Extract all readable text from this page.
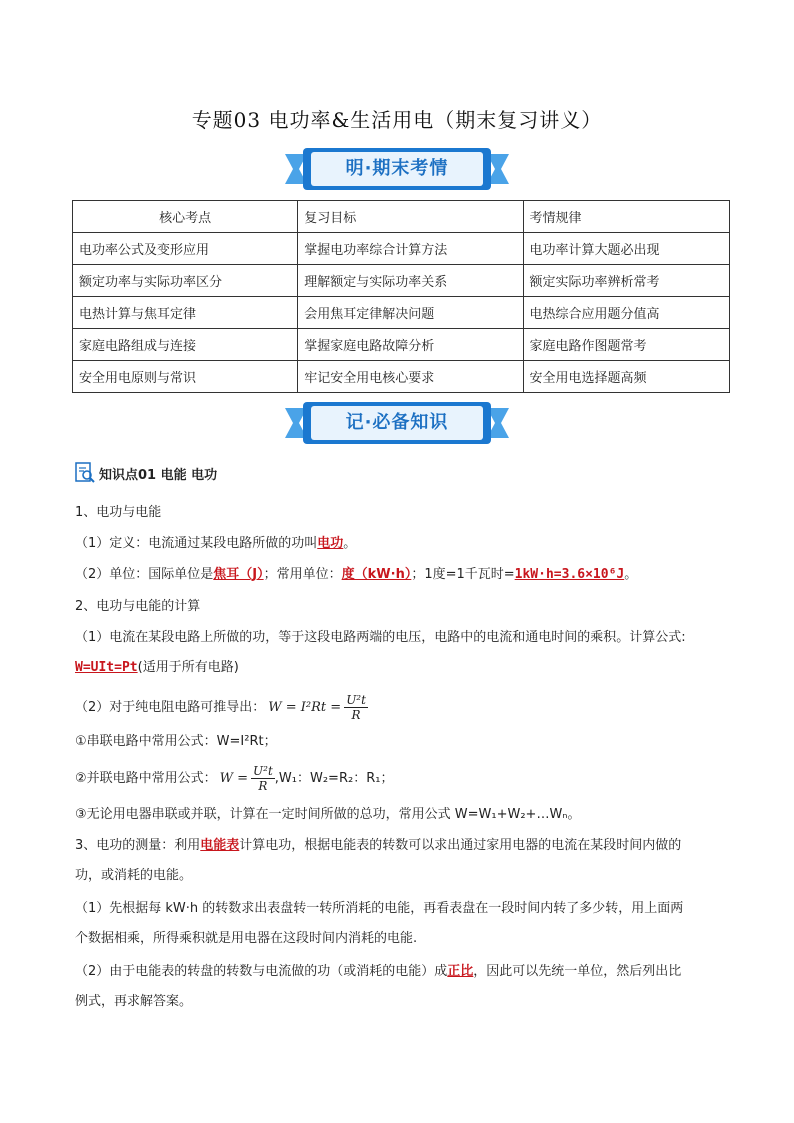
专题03 电功率&生活用电（期末复习讲义）
明·期末考情
核心考点	复习目标	考情规律
电功率公式及变形应用	掌握电功率综合计算方法	电功率计算大题必出现
额定功率与实际功率区分	理解额定与实际功率关系	额定实际功率辨析常考
电热计算与焦耳定律	会用焦耳定律解决问题	电热综合应用题分值高
家庭电路组成与连接	掌握家庭电路故障分析	家庭电路作图题常考
安全用电原则与常识	牢记安全用电核心要求	安全用电选择题高频
记·必备知识
知识点01 电能 电功
1、电功与电能
（1）定义：电流通过某段电路所做的功叫电功。
（2）单位：国际单位是焦耳（J）；常用单位：度（kW·h）；1度=1千瓦时=1kW·h=3.6×10⁶J。
2、电功与电能的计算
（1）电流在某段电路上所做的功，等于这段电路两端的电压，电路中的电流和通电时间的乘积。计算公式:
W=UIt=Pt(适用于所有电路)
（2）对于纯电阻电路可推导出： $W = I^2Rt = \frac{\text{U²t}}{R}$
①串联电路中常用公式：W=I²Rt；
②并联电路中常用公式： $W = \frac{\text{U²t}}{R} ,W_1$：W₂=R₂：R₁；
③无论用电器串联或并联，计算在一定时间所做的总功，常用公式 W=W₁+W₂+…Wₙ。
3、电功的测量：利用电能表计算电功，根据电能表的转数可以求出通过家用电器的电流在某段时间内做的
功，或消耗的电能。
（1）先根据每 kW·h 的转数求出表盘转一转所消耗的电能，再看表盘在一段时间内转了多少转，用上面两
个数据相乘，所得乘积就是用电器在这段时间内消耗的电能.
（2）由于电能表的转盘的转数与电流做的功（或消耗的电能）成正比，因此可以先统一单位，然后列出比
例式，再求解答案。
